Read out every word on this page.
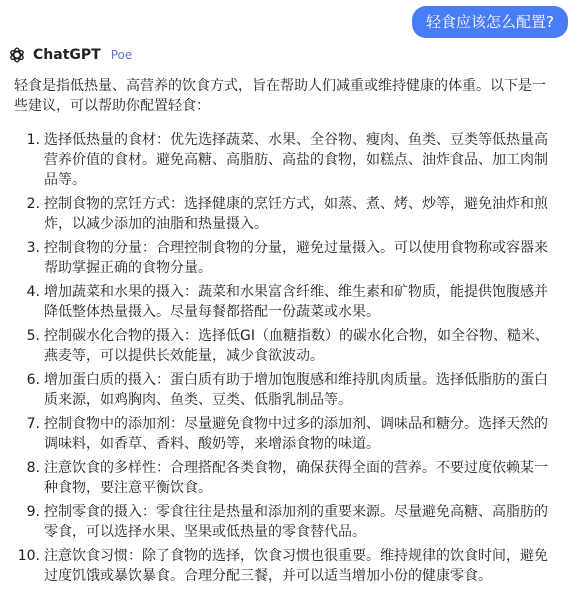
轻食应该怎么配置?
ChatGPT Poe

轻食是指低热量、高营养的饮食方式，旨在帮助人们减重或维持健康的体重。以下是一些建议，可以帮助你配置轻食：

1. 选择低热量的食材：优先选择蔬菜、水果、全谷物、瘦肉、鱼类、豆类等低热量高营养价值的食材。避免高糖、高脂肪、高盐的食物，如糕点、油炸食品、加工肉制品等。
2. 控制食物的烹饪方式：选择健康的烹饪方式，如蒸、煮、烤、炒等，避免油炸和煎炸，以减少添加的油脂和热量摄入。
3. 控制食物的分量：合理控制食物的分量，避免过量摄入。可以使用食物称或容器来帮助掌握正确的食物分量。
4. 增加蔬菜和水果的摄入：蔬菜和水果富含纤维、维生素和矿物质，能提供饱腹感并降低整体热量摄入。尽量每餐都搭配一份蔬菜或水果。
5. 控制碳水化合物的摄入：选择低GI（血糖指数）的碳水化合物，如全谷物、糙米、燕麦等，可以提供长效能量，减少食欲波动。
6. 增加蛋白质的摄入：蛋白质有助于增加饱腹感和维持肌肉质量。选择低脂肪的蛋白质来源，如鸡胸肉、鱼类、豆类、低脂乳制品等。
7. 控制食物中的添加剂：尽量避免食物中过多的添加剂、调味品和糖分。选择天然的调味料，如香草、香料、酸奶等，来增添食物的味道。
8. 注意饮食的多样性：合理搭配各类食物，确保获得全面的营养。不要过度依赖某一种食物，要注意平衡饮食。
9. 控制零食的摄入：零食往往是热量和添加剂的重要来源。尽量避免高糖、高脂肪的零食，可以选择水果、坚果或低热量的零食替代品。
10. 注意饮食习惯：除了食物的选择，饮食习惯也很重要。维持规律的饮食时间，避免过度饥饿或暴饮暴食。合理分配三餐，并可以适当增加小份的健康零食。
